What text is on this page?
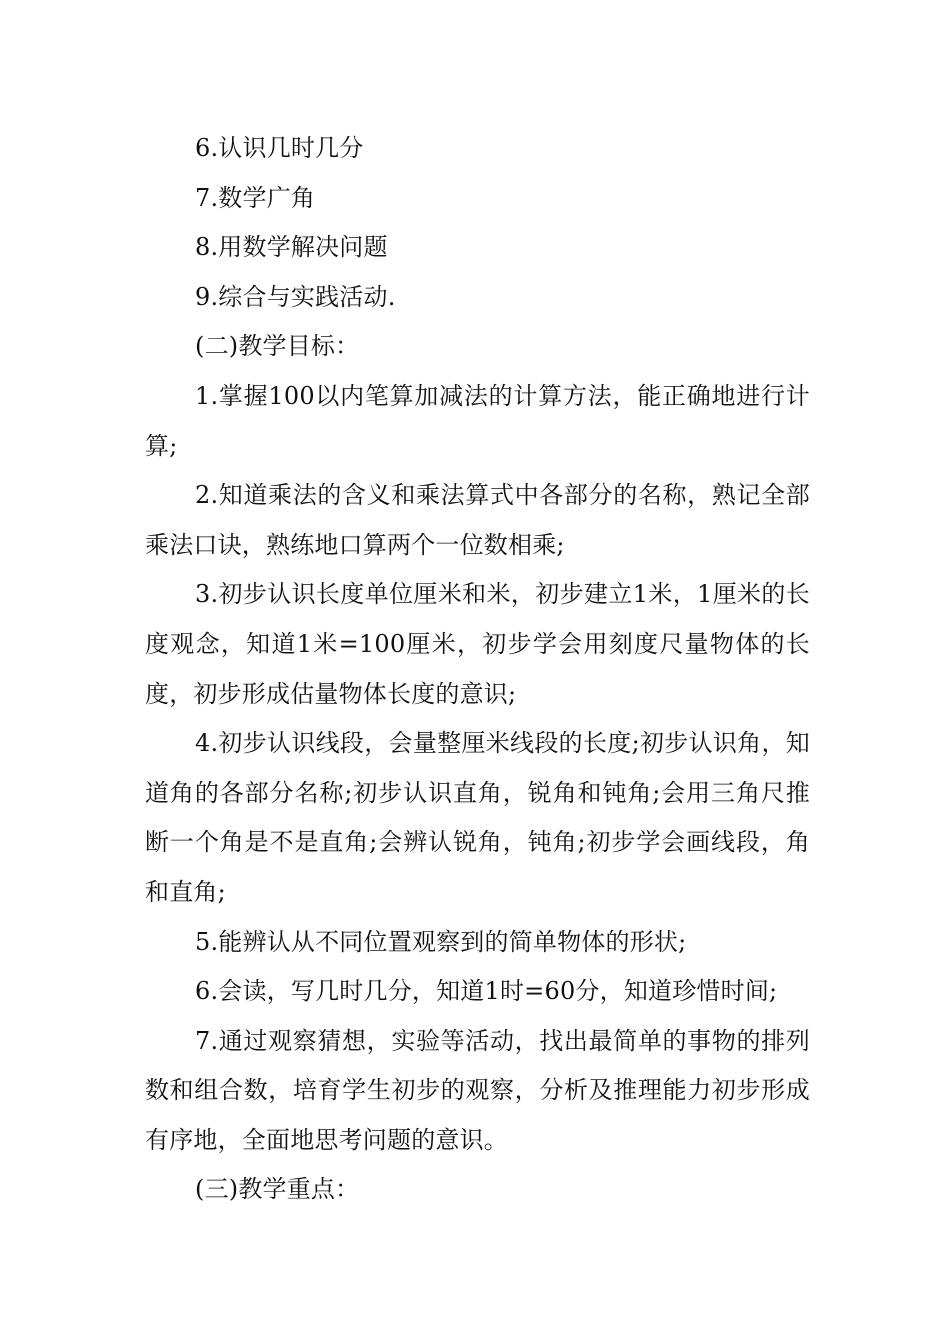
6.认识几时几分

7.数学广角

8.用数学解决问题

9.综合与实践活动.

(二)教学目标：

1.掌握100以内笔算加减法的计算方法，能正确地进行计算;

2.知道乘法的含义和乘法算式中各部分的名称，熟记全部乘法口诀，熟练地口算两个一位数相乘;

3.初步认识长度单位厘米和米，初步建立1米，1厘米的长度观念，知道1米=100厘米，初步学会用刻度尺量物体的长度，初步形成估量物体长度的意识;

4.初步认识线段，会量整厘米线段的长度;初步认识角，知道角的各部分名称;初步认识直角，锐角和钝角;会用三角尺推断一个角是不是直角;会辨认锐角，钝角;初步学会画线段，角和直角;

5.能辨认从不同位置观察到的简单物体的形状;

6.会读，写几时几分，知道1时=60分，知道珍惜时间;

7.通过观察猜想，实验等活动，找出最简单的事物的排列数和组合数，培育学生初步的观察，分析及推理能力初步形成有序地，全面地思考问题的意识。

(三)教学重点：
